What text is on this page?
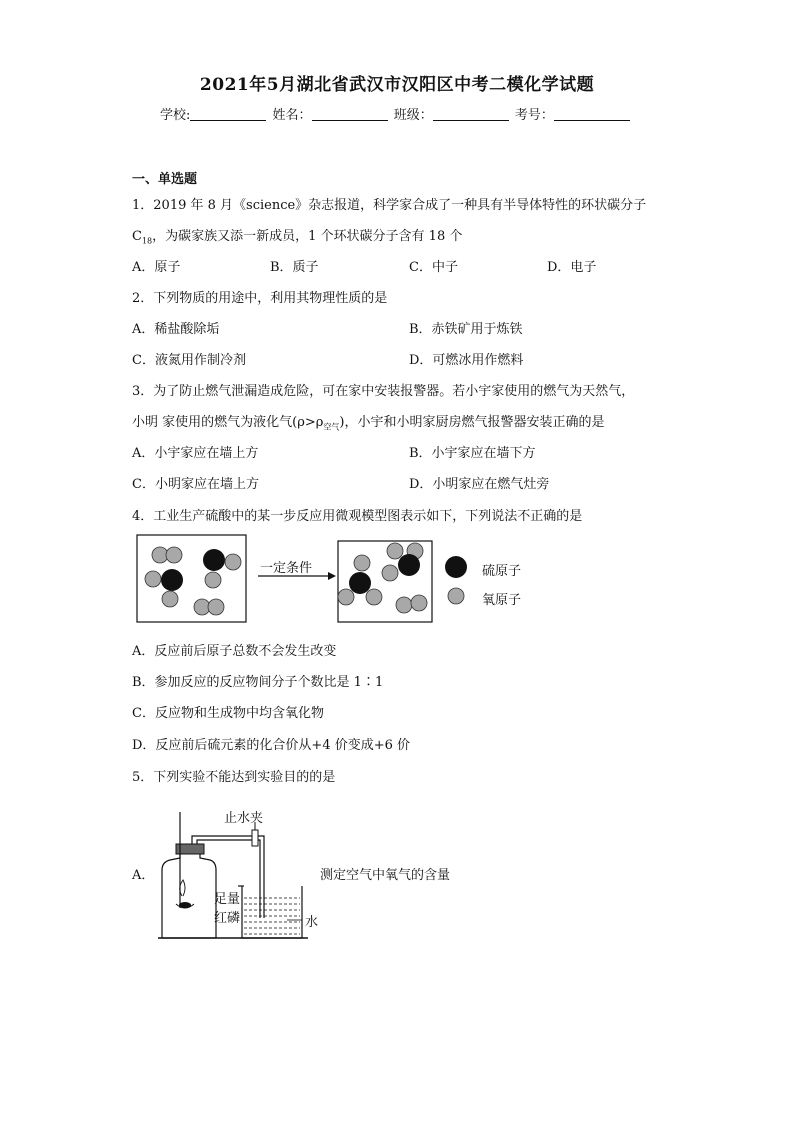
2021年5月湖北省武汉市汉阳区中考二模化学试题
学校:	姓名：	班级：	考号：
一、单选题
1．2019 年 8 月《science》杂志报道，科学家合成了一种具有半导体特性的环状碳分子
$C_{18}$，为碳家族又添一新成员，1 个环状碳分子含有 18 个
A．原子	B．质子	C．中子	D．电子
2．下列物质的用途中，利用其物理性质的是
A．稀盐酸除垢	B．赤铁矿用于炼铁
C．液氮用作制冷剂	D．可燃冰用作燃料
3．为了防止燃气泄漏造成危险，可在家中安装报警器。若小宇家使用的燃气为天然气，
小明 家使用的燃气为液化气$(\rho>\rho_{空气})$，小宇和小明家厨房燃气报警器安装正确的是
A．小宇家应在墙上方	B．小宇家应在墙下方
C．小明家应在墙上方	D．小明家应在燃气灶旁
4．工业生产硫酸中的某一步反应用微观模型图表示如下，下列说法不正确的是
一定条件	硫原子
氧原子
A．反应前后原子总数不会发生改变
B．参加反应的反应物间分子个数比是 1∶1
C．反应物和生成物中均含氧化物
D．反应前后硫元素的化合价从+4 价变成+6 价
5．下列实验不能达到实验目的的是
A．
止水夹
足量
红磷	水
测定空气中氧气的含量
